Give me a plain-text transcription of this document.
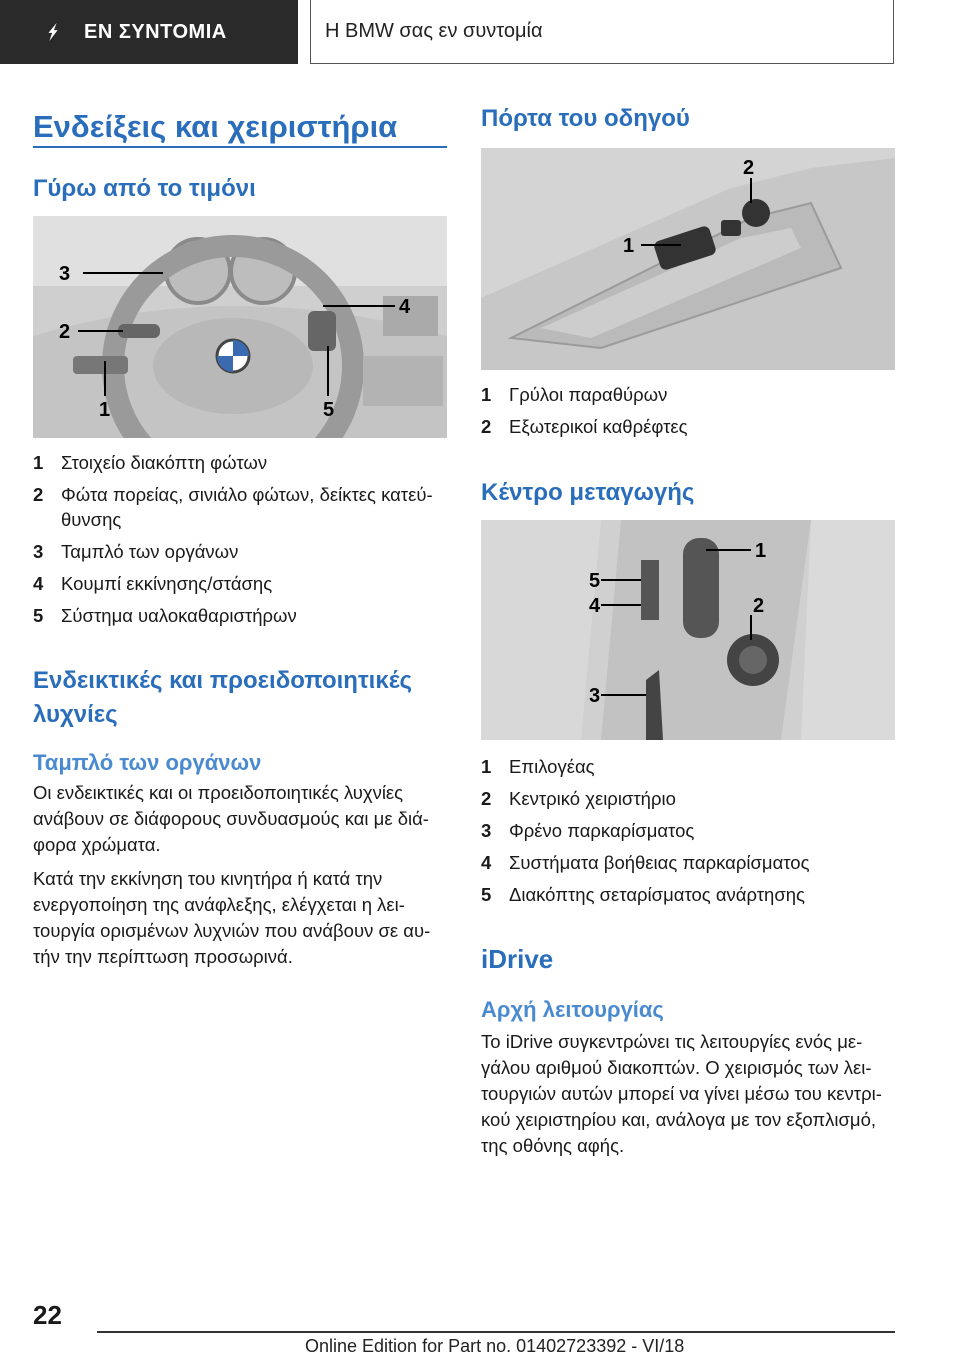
ΕΝ ΣΥΝΤΟΜΙΑ	Η BMW σας εν συντομία
Ενδείξεις και χειριστήρια
Γύρω από το τιμόνι
3
2
4
1	5
1 Στοιχείο διακόπτη φώτων
2 Φώτα πορείας, σινιάλο φώτων, δείκτες κατεύ‐θυνσης
3 Ταμπλό των οργάνων
4 Κουμπί εκκίνησης/στάσης
5 Σύστημα υαλοκαθαριστήρων
Ενδεικτικές και προειδοποιητικές λυχνίες
Ταμπλό των οργάνων

Οι ενδεικτικές και οι προειδοποιητικές λυχνίες ανάβουν σε διάφορους συνδυασμούς και με διά‐φορα χρώματα.

Κατά την εκκίνηση του κινητήρα ή κατά την ενεργοποίηση της ανάφλεξης, ελέγχεται η λει‐τουργία ορισμένων λυχνιών που ανάβουν σε αυ‐τήν την περίπτωση προσωρινά.

Πόρτα του οδηγού
2
1
1 Γρύλοι παραθύρων
2 Εξωτερικοί καθρέφτες
Κέντρο μεταγωγής
1
5
4	2
3
1 Επιλογέας
2 Κεντρικό χειριστήριο
3 Φρένο παρκαρίσματος
4 Συστήματα βοήθειας παρκαρίσματος
5 Διακόπτης σεταρίσματος ανάρτησης
iDrive
Αρχή λειτουργίας

Το iDrive συγκεντρώνει τις λειτουργίες ενός με‐γάλου αριθμού διακοπτών. Ο χειρισμός των λει‐τουργιών αυτών μπορεί να γίνει μέσω του κεντρι‐κού χειριστηρίου και, ανάλογα με τον εξοπλισμό, της οθόνης αφής.

22
Online Edition for Part no. 01402723392 - VI/18
